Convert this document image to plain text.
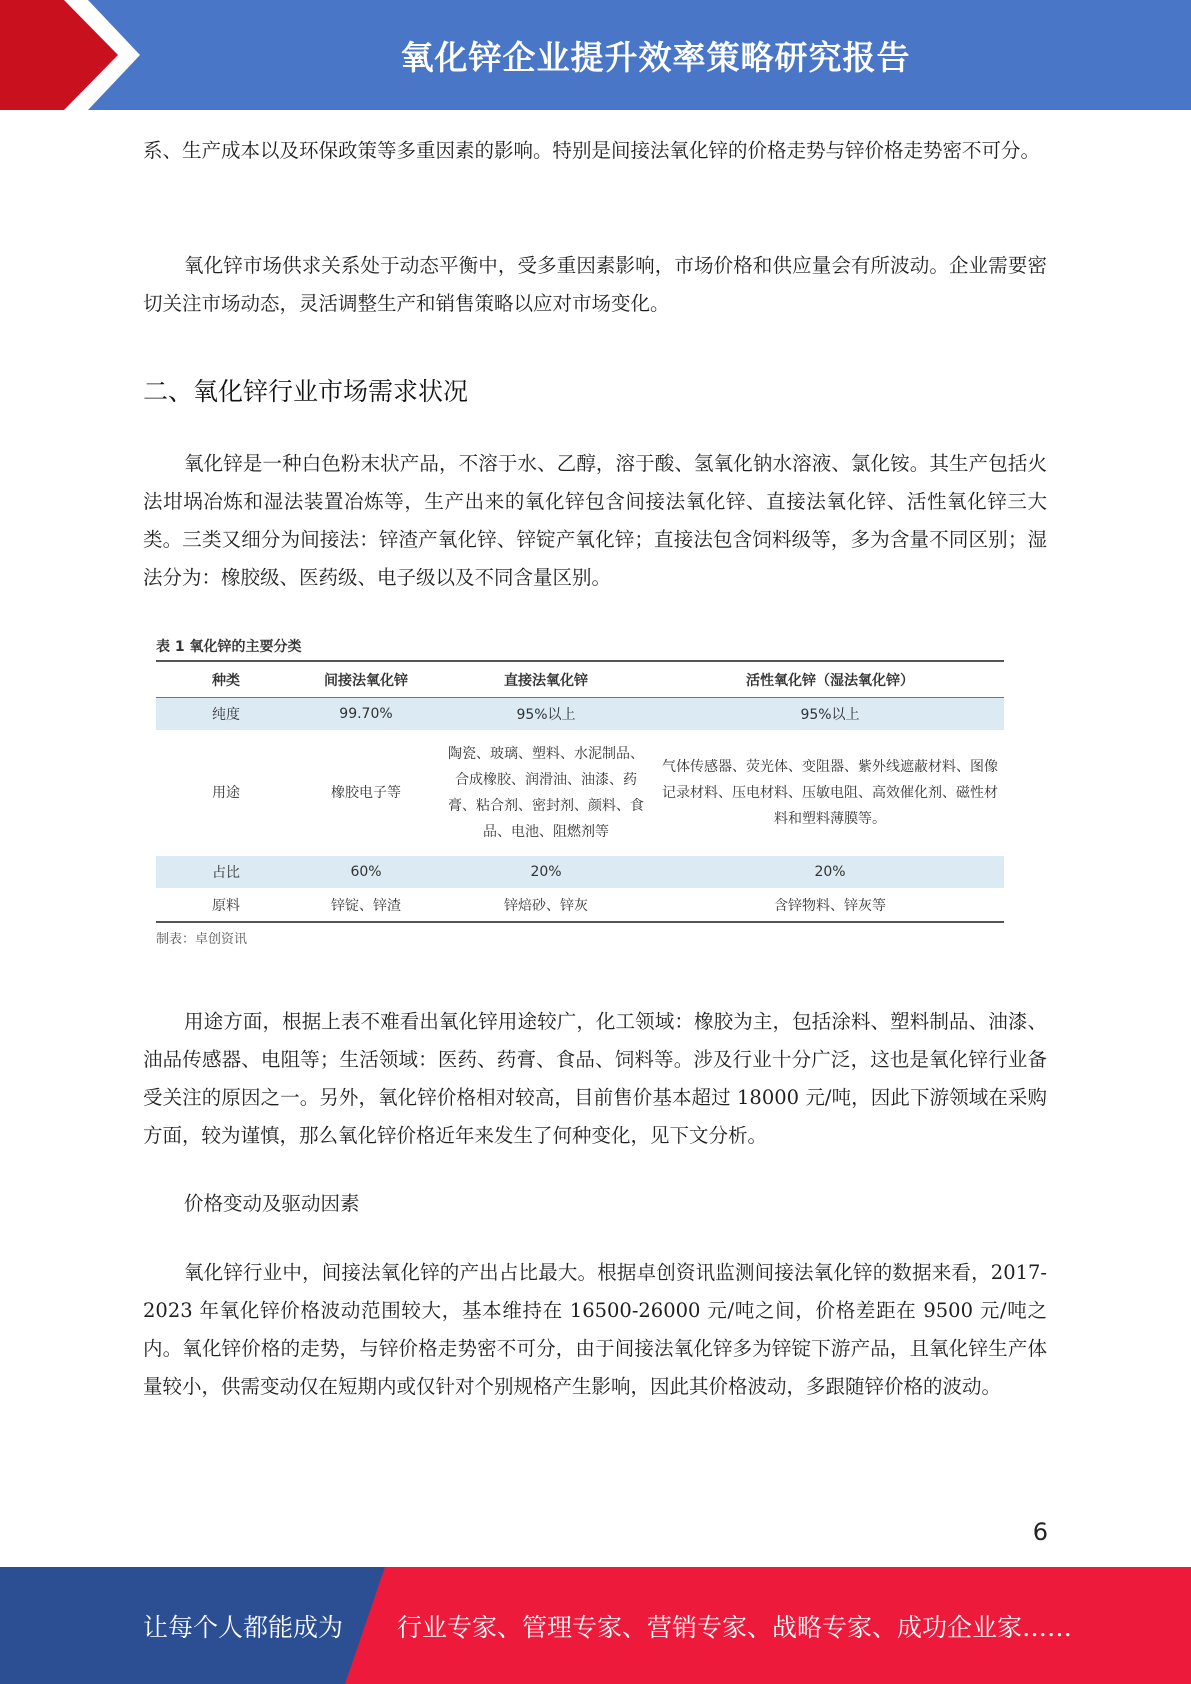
氧化锌企业提升效率策略研究报告

系、生产成本以及环保政策等多重因素的影响。特别是间接法氧化锌的价格走势与锌价格走势密不可分。

氧化锌市场供求关系处于动态平衡中，受多重因素影响，市场价格和供应量会有所波动。企业需要密切关注市场动态，灵活调整生产和销售策略以应对市场变化。

二、氧化锌行业市场需求状况

氧化锌是一种白色粉末状产品，不溶于水、乙醇，溶于酸、氢氧化钠水溶液、氯化铵。其生产包括火法坩埚冶炼和湿法装置冶炼等，生产出来的氧化锌包含间接法氧化锌、直接法氧化锌、活性氧化锌三大类。三类又细分为间接法：锌渣产氧化锌、锌锭产氧化锌；直接法包含饲料级等，多为含量不同区别；湿法分为：橡胶级、医药级、电子级以及不同含量区别。

表 1 氧化锌的主要分类
种类	间接法氧化锌	直接法氧化锌	活性氧化锌（湿法氧化锌）
纯度	99.70%	95%以上	95%以上
用途	橡胶电子等	陶瓷、玻璃、塑料、水泥制品、合成橡胶、润滑油、油漆、药膏、粘合剂、密封剂、颜料、食品、电池、阻燃剂等	气体传感器、荧光体、变阻器、紫外线遮蔽材料、图像记录材料、压电材料、压敏电阻、高效催化剂、磁性材料和塑料薄膜等。
占比	60%	20%	20%
原料	锌锭、锌渣	锌焙砂、锌灰	含锌物料、锌灰等
制表：卓创资讯

用途方面，根据上表不难看出氧化锌用途较广，化工领域：橡胶为主，包括涂料、塑料制品、油漆、油品传感器、电阻等；生活领域：医药、药膏、食品、饲料等。涉及行业十分广泛，这也是氧化锌行业备受关注的原因之一。另外，氧化锌价格相对较高，目前售价基本超过 18000 元/吨，因此下游领域在采购方面，较为谨慎，那么氧化锌价格近年来发生了何种变化，见下文分析。

价格变动及驱动因素

氧化锌行业中，间接法氧化锌的产出占比最大。根据卓创资讯监测间接法氧化锌的数据来看，2017-2023 年氧化锌价格波动范围较大，基本维持在 16500-26000 元/吨之间，价格差距在 9500 元/吨之内。氧化锌价格的走势，与锌价格走势密不可分，由于间接法氧化锌多为锌锭下游产品，且氧化锌生产体量较小，供需变动仅在短期内或仅针对个别规格产生影响，因此其价格波动，多跟随锌价格的波动。

6
让每个人都能成为 行业专家、管理专家、营销专家、战略专家、成功企业家……
